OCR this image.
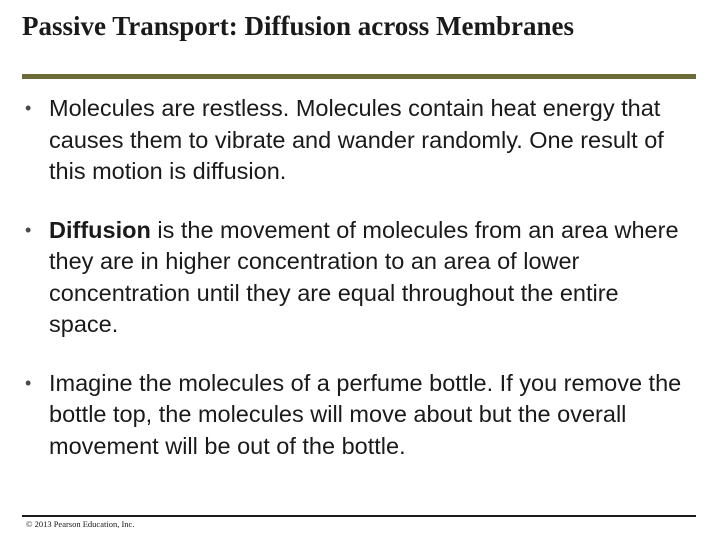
Passive Transport: Diffusion across Membranes
• Molecules are restless. Molecules contain heat energy that causes them to vibrate and wander randomly. One result of this motion is diffusion.
• Diffusion is the movement of molecules from an area where they are in higher concentration to an area of lower concentration until they are equal throughout the entire space.
• Imagine the molecules of a perfume bottle. If you remove the bottle top, the molecules will move about but the overall movement will be out of the bottle.
© 2013 Pearson Education, Inc.
